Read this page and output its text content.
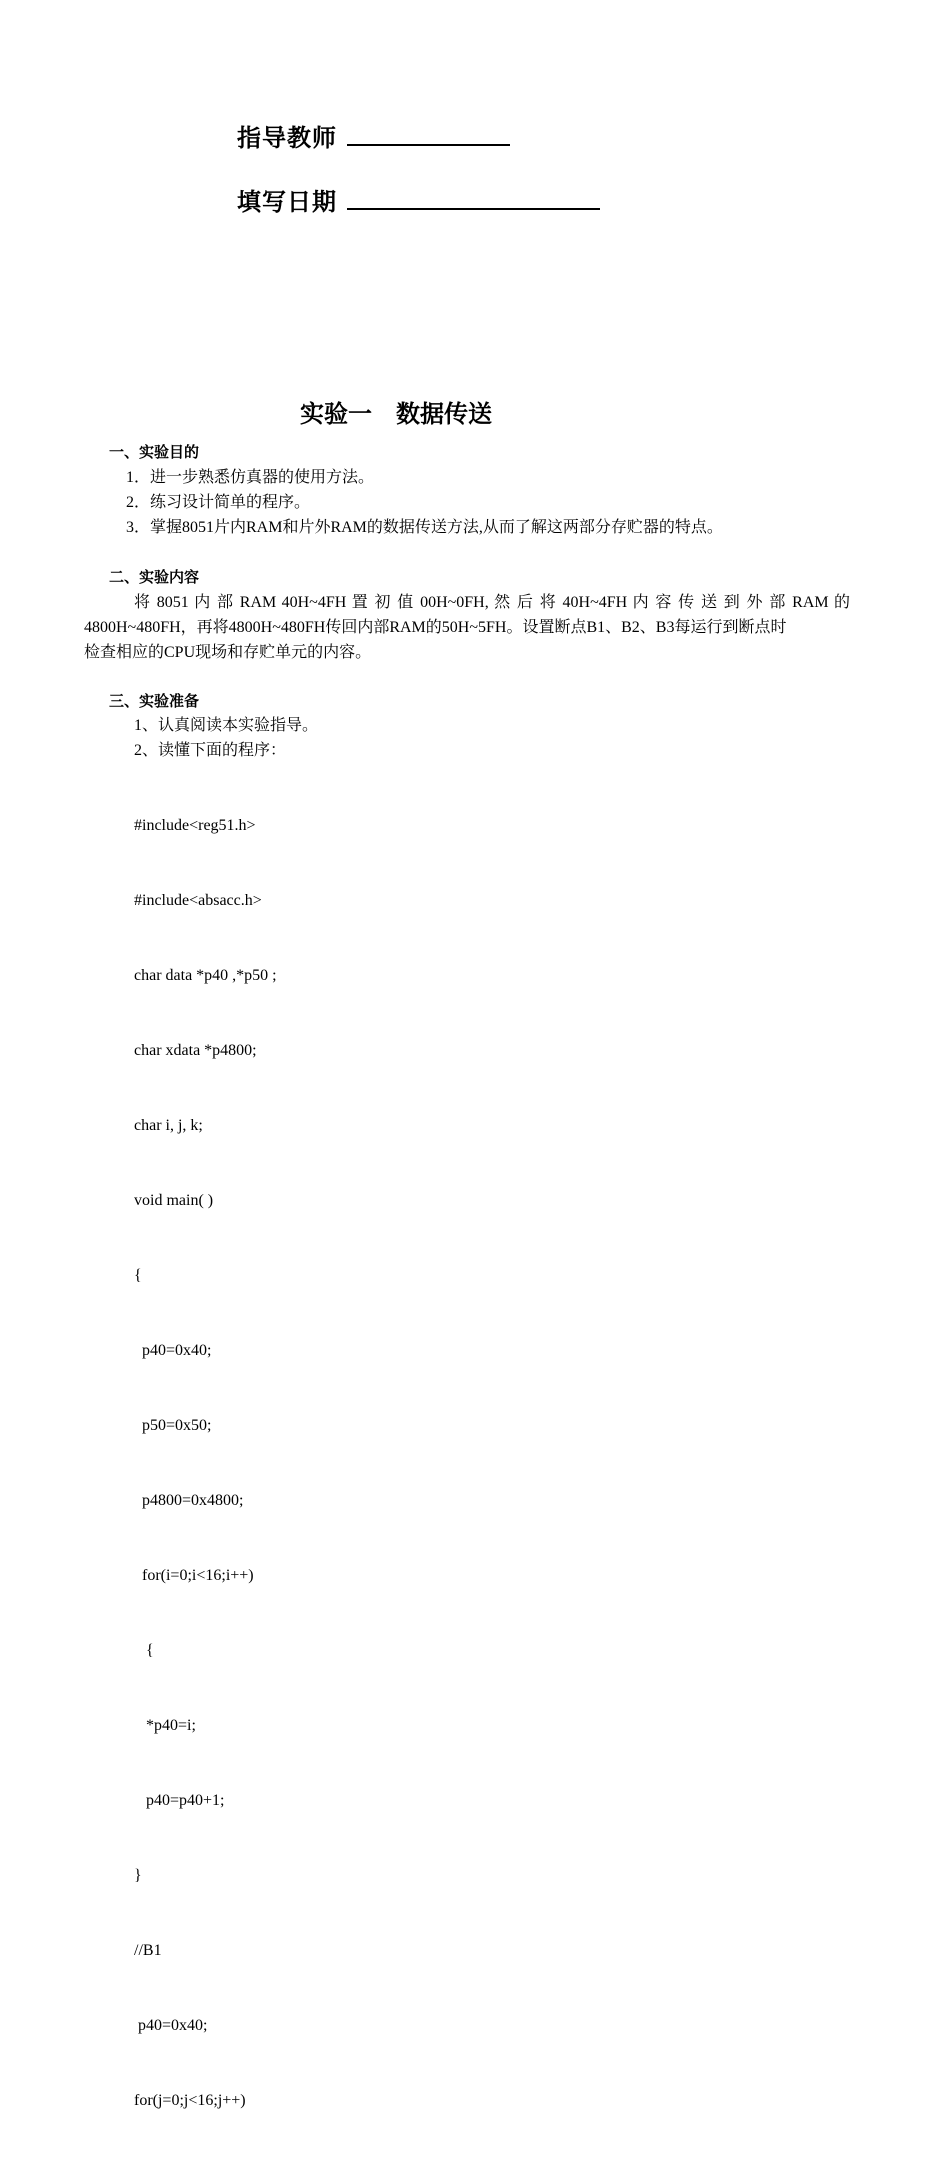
指导教师
填写日期
实验一　数据传送
一、实验目的
1．进一步熟悉仿真器的使用方法。
2．练习设计简单的程序。
3．掌握8051片内RAM和片外RAM的数据传送方法,从而了解这两部分存贮器的特点。
二、实验内容
将 8051 内 部 RAM 40H~4FH 置 初 值 00H~0FH, 然 后 将 40H~4FH 内 容 传 送 到 外 部 RAM 的
4800H~480FH，再将4800H~480FH传回内部RAM的50H~5FH。设置断点B1、B2、B3每运行到断点时
检查相应的CPU现场和存贮单元的内容。
三、实验准备
1、认真阅读本实验指导。
2、读懂下面的程序：

#include<reg51.h>

#include<absacc.h>

char data *p40 ,*p50 ;

char xdata *p4800;

char i, j, k;

void main( )

{

p40=0x40;

p50=0x50;

p4800=0x4800;

for(i=0;i<16;i++)

{

*p40=i;

p40=p40+1;

}

//B1

p40=0x40;

for(j=0;j<16;j++)
